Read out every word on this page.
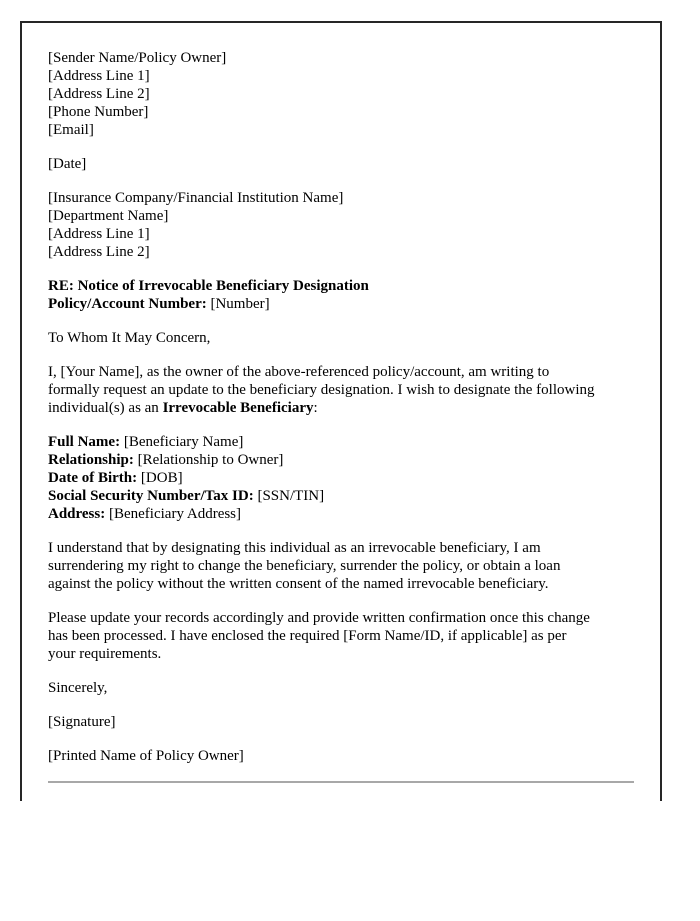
[Sender Name/Policy Owner]
[Address Line 1]
[Address Line 2]
[Phone Number]
[Email]
[Date]
[Insurance Company/Financial Institution Name]
[Department Name]
[Address Line 1]
[Address Line 2]
RE: Notice of Irrevocable Beneficiary Designation
Policy/Account Number: [Number]
To Whom It May Concern,
I, [Your Name], as the owner of the above-referenced policy/account, am writing to
formally request an update to the beneficiary designation. I wish to designate the following
individual(s) as an Irrevocable Beneficiary:
Full Name: [Beneficiary Name]
Relationship: [Relationship to Owner]
Date of Birth: [DOB]
Social Security Number/Tax ID: [SSN/TIN]
Address: [Beneficiary Address]
I understand that by designating this individual as an irrevocable beneficiary, I am
surrendering my right to change the beneficiary, surrender the policy, or obtain a loan
against the policy without the written consent of the named irrevocable beneficiary.
Please update your records accordingly and provide written confirmation once this change
has been processed. I have enclosed the required [Form Name/ID, if applicable] as per
your requirements.
Sincerely,
[Signature]
[Printed Name of Policy Owner]
